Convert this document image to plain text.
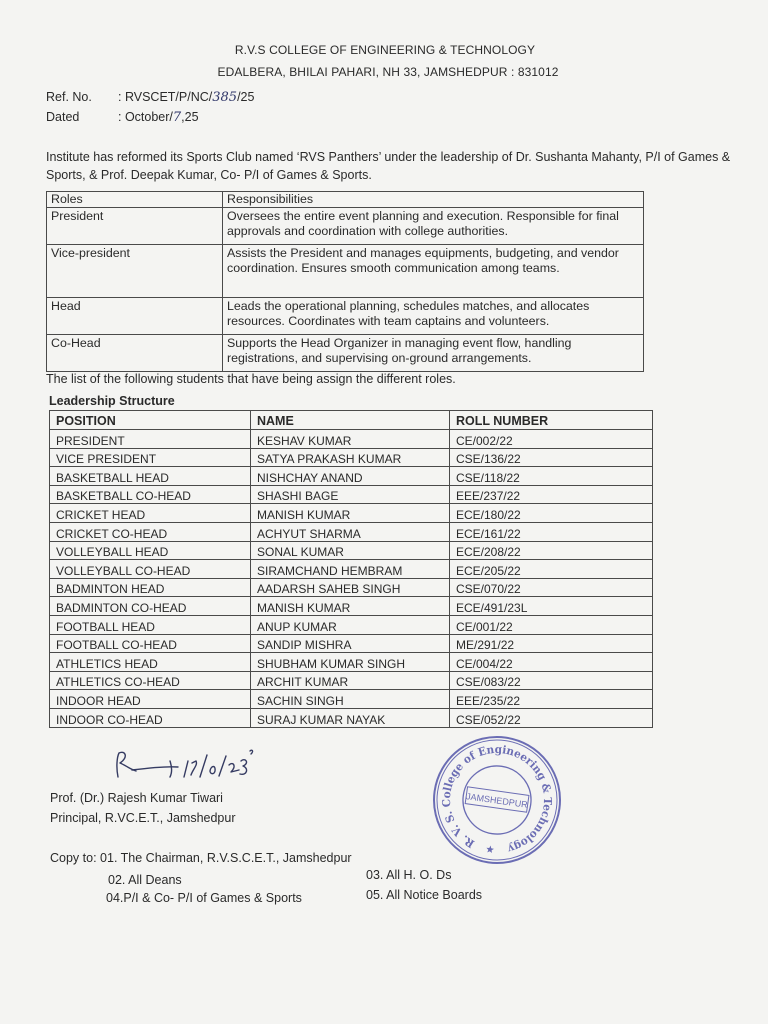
R.V.S COLLEGE OF ENGINEERING & TECHNOLOGY
EDALBERA, BHILAI PAHARI, NH 33, JAMSHEDPUR : 831012
Ref. No. : RVSCET/P/NC/385/25
Dated	: October/7,25
Institute has reformed its Sports Club named ‘RVS Panthers’ under the leadership of Dr. Sushanta Mahanty, P/I of Games & Sports, & Prof. Deepak Kumar, Co- P/I of Games & Sports.
Roles	Responsibilities
President	Oversees the entire event planning and execution. Responsible for final approvals and coordination with college authorities.
Vice-president	Assists the President and manages equipments, budgeting, and vendor coordination. Ensures smooth communication among teams.
Head	Leads the operational planning, schedules matches, and allocates resources. Coordinates with team captains and volunteers.
Co-Head	Supports the Head Organizer in managing event flow, handling registrations, and supervising on-ground arrangements.
The list of the following students that have being assign the different roles.
Leadership Structure
POSITION	NAME	ROLL NUMBER
PRESIDENT	KESHAV KUMAR	CE/002/22
VICE PRESIDENT	SATYA PRAKASH KUMAR	CSE/136/22
BASKETBALL HEAD	NISHCHAY ANAND	CSE/118/22
BASKETBALL CO-HEAD	SHASHI BAGE	EEE/237/22
CRICKET HEAD	MANISH KUMAR	ECE/180/22
CRICKET CO-HEAD	ACHYUT SHARMA	ECE/161/22
VOLLEYBALL HEAD	SONAL KUMAR	ECE/208/22
VOLLEYBALL CO-HEAD	SIRAMCHAND HEMBRAM	ECE/205/22
BADMINTON HEAD	AADARSH SAHEB SINGH	CSE/070/22
BADMINTON CO-HEAD	MANISH KUMAR	ECE/491/23L
FOOTBALL HEAD	ANUP KUMAR	CE/001/22
FOOTBALL CO-HEAD	SANDIP MISHRA	ME/291/22
ATHLETICS HEAD	SHUBHAM KUMAR SINGH	CE/004/22
ATHLETICS CO-HEAD	ARCHIT KUMAR	CSE/083/22
INDOOR HEAD	SACHIN SINGH	EEE/235/22
INDOOR CO-HEAD	SURAJ KUMAR NAYAK	CSE/052/22
Prof. (Dr.) Rajesh Kumar Tiwari
Principal, R.VC.E.T., Jamshedpur
R. V. S. College of Engineering & Technology
JAMSHEDPUR
Copy to: 01. The Chairman, R.V.S.C.E.T., Jamshedpur
02. All Deans	03. All H. O. Ds
04.P/I & Co- P/I of Games & Sports	05. All Notice Boards
